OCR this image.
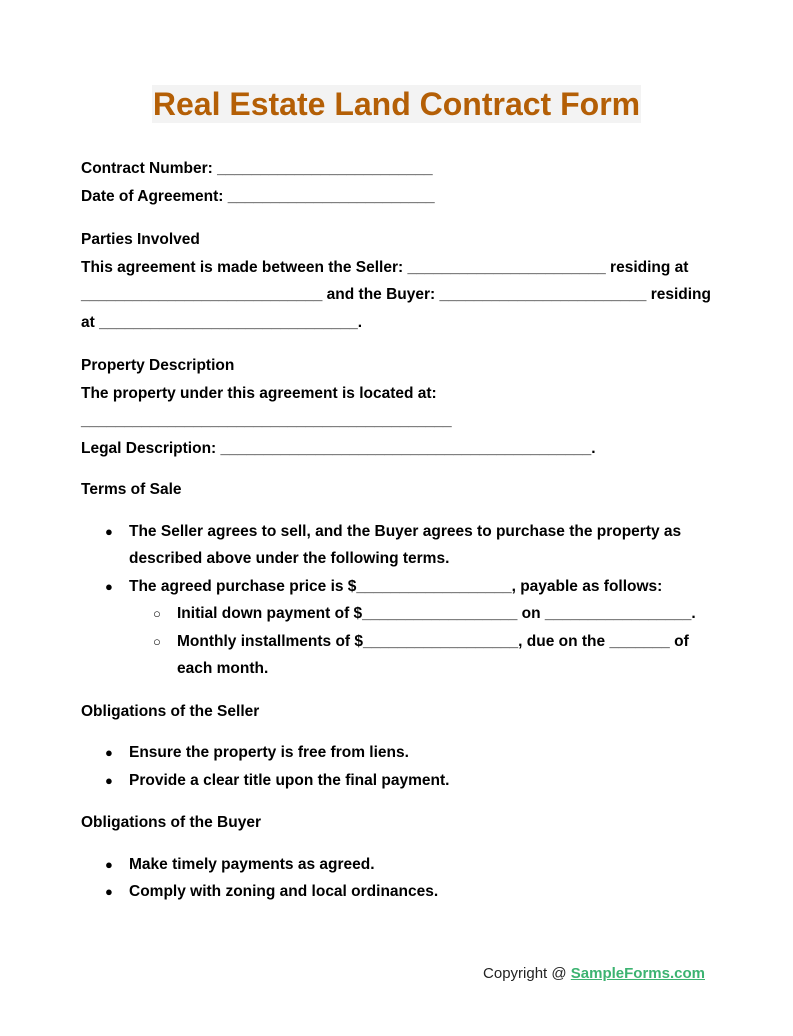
Real Estate Land Contract Form

Contract Number: _________________________

Date of Agreement: ________________________

Parties Involved

This agreement is made between the Seller: _______________________ residing at ____________________________ and the Buyer: ________________________ residing at ______________________________.

Property Description

The property under this agreement is located at: ___________________________________________

Legal Description: ___________________________________________.

Terms of Sale

● The Seller agrees to sell, and the Buyer agrees to purchase the property as described above under the following terms.
● The agreed purchase price is $__________________, payable as follows:
○ Initial down payment of $__________________ on _________________.
○ Monthly installments of $__________________, due on the _______ of each month.

Obligations of the Seller

● Ensure the property is free from liens.
● Provide a clear title upon the final payment.

Obligations of the Buyer

● Make timely payments as agreed.
● Comply with zoning and local ordinances.
Copyright @ SampleForms.com
